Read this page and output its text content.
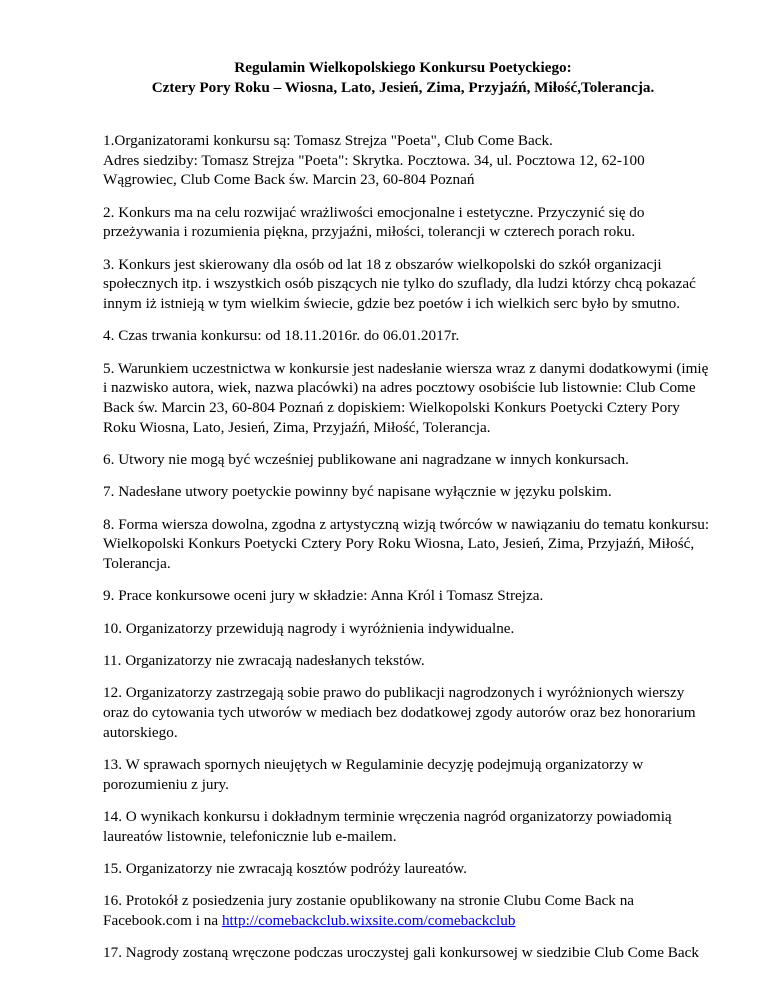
Regulamin Wielkopolskiego Konkursu Poetyckiego:
Cztery Pory Roku – Wiosna, Lato, Jesień, Zima, Przyjaźń, Miłość,Tolerancja.

1.Organizatorami konkursu są: Tomasz Strejza "Poeta", Club Come Back.
Adres siedziby: Tomasz Strejza "Poeta": Skrytka. Pocztowa. 34, ul. Pocztowa 12, 62-100
Wągrowiec, Club Come Back św. Marcin 23, 60-804 Poznań

2. Konkurs ma na celu rozwijać wrażliwości emocjonalne i estetyczne. Przyczynić się do
przeżywania i rozumienia piękna, przyjaźni, miłości, tolerancji w czterech porach roku.

3. Konkurs jest skierowany dla osób od lat 18 z obszarów wielkopolski do szkół organizacji
społecznych itp. i wszystkich osób piszących nie tylko do szuflady, dla ludzi którzy chcą pokazać
innym iż istnieją w tym wielkim świecie, gdzie bez poetów i ich wielkich serc było by smutno.

4. Czas trwania konkursu: od 18.11.2016r. do 06.01.2017r.

5. Warunkiem uczestnictwa w konkursie jest nadesłanie wiersza wraz z danymi dodatkowymi (imię
i nazwisko autora, wiek, nazwa placówki) na adres pocztowy osobiście lub listownie: Club Come
Back św. Marcin 23, 60-804 Poznań z dopiskiem: Wielkopolski Konkurs Poetycki Cztery Pory
Roku Wiosna, Lato, Jesień, Zima, Przyjaźń, Miłość, Tolerancja.

6. Utwory nie mogą być wcześniej publikowane ani nagradzane w innych konkursach.

7. Nadesłane utwory poetyckie powinny być napisane wyłącznie w języku polskim.

8. Forma wiersza dowolna, zgodna z artystyczną wizją twórców w nawiązaniu do tematu konkursu:
Wielkopolski Konkurs Poetycki Cztery Pory Roku Wiosna, Lato, Jesień, Zima, Przyjaźń, Miłość,
Tolerancja.

9. Prace konkursowe oceni jury w składzie: Anna Król i Tomasz Strejza.

10. Organizatorzy przewidują nagrody i wyróżnienia indywidualne.

11. Organizatorzy nie zwracają nadesłanych tekstów.

12. Organizatorzy zastrzegają sobie prawo do publikacji nagrodzonych i wyróżnionych wierszy
oraz do cytowania tych utworów w mediach bez dodatkowej zgody autorów oraz bez honorarium
autorskiego.

13. W sprawach spornych nieujętych w Regulaminie decyzję podejmują organizatorzy w
porozumieniu z jury.

14. O wynikach konkursu i dokładnym terminie wręczenia nagród organizatorzy powiadomią
laureatów listownie, telefonicznie lub e-mailem.

15. Organizatorzy nie zwracają kosztów podróży laureatów.

16. Protokół z posiedzenia jury zostanie opublikowany na stronie Clubu Come Back na
Facebook.com i na http://comebackclub.wixsite.com/comebackclub

17. Nagrody zostaną wręczone podczas uroczystej gali konkursowej w siedzibie Club Come Back
